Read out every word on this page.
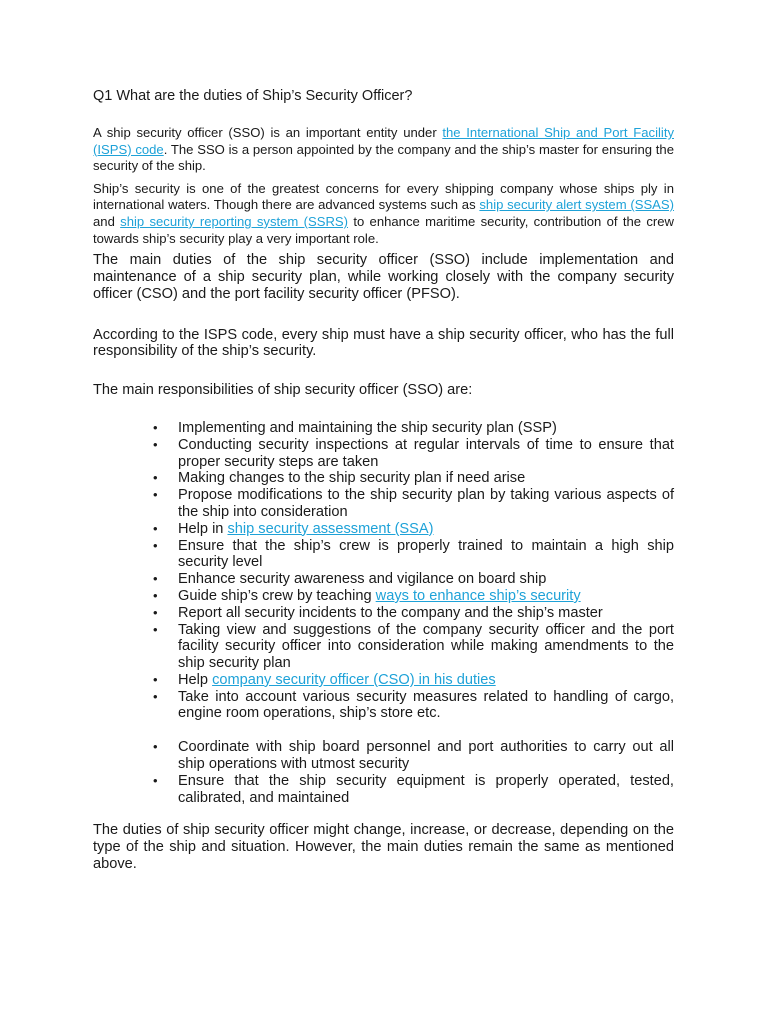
Q1 What are the duties of Ship’s Security Officer?

A ship security officer (SSO) is an important entity under the International Ship and Port Facility (ISPS) code. The SSO is a person appointed by the company and the ship’s master for ensuring the security of the ship.

Ship’s security is one of the greatest concerns for every shipping company whose ships ply in international waters. Though there are advanced systems such as ship security alert system (SSAS) and ship security reporting system (SSRS) to enhance maritime security, contribution of the crew towards ship’s security play a very important role.

The main duties of the ship security officer (SSO) include implementation and maintenance of a ship security plan, while working closely with the company security officer (CSO) and the port facility security officer (PFSO).

According to the ISPS code, every ship must have a ship security officer, who has the full responsibility of the ship’s security.

The main responsibilities of ship security officer (SSO) are:

• Implementing and maintaining the ship security plan (SSP)
• Conducting security inspections at regular intervals of time to ensure that proper security steps are taken
• Making changes to the ship security plan if need arise
• Propose modifications to the ship security plan by taking various aspects of the ship into consideration
• Help in ship security assessment (SSA)
• Ensure that the ship’s crew is properly trained to maintain a high ship security level
• Enhance security awareness and vigilance on board ship
• Guide ship’s crew by teaching ways to enhance ship’s security
• Report all security incidents to the company and the ship’s master
• Taking view and suggestions of the company security officer and the port facility security officer into consideration while making amendments to the ship security plan
• Help company security officer (CSO) in his duties
• Take into account various security measures related to handling of cargo, engine room operations, ship’s store etc.
• Coordinate with ship board personnel and port authorities to carry out all ship operations with utmost security
• Ensure that the ship security equipment is properly operated, tested, calibrated, and maintained

The duties of ship security officer might change, increase, or decrease, depending on the type of the ship and situation. However, the main duties remain the same as mentioned above.
